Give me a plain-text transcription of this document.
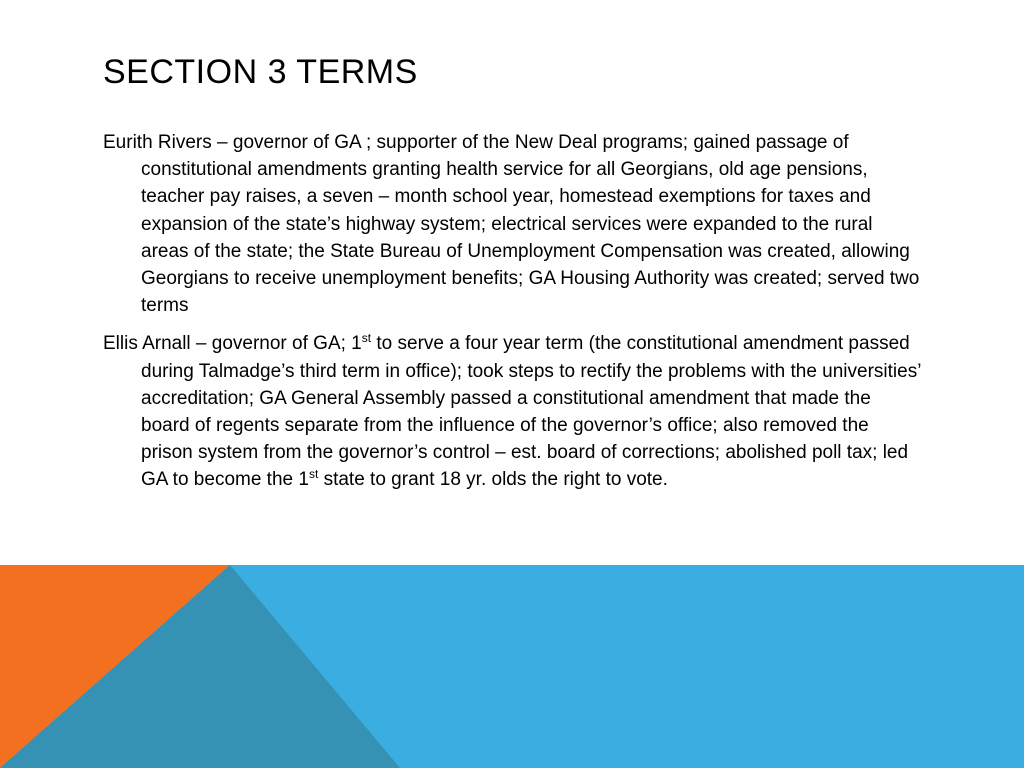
SECTION 3 TERMS

Eurith Rivers – governor of GA ; supporter of the New Deal programs; gained passage of constitutional amendments granting health service for all Georgians, old age pensions, teacher pay raises, a seven – month school year, homestead exemptions for taxes and expansion of the state’s highway system; electrical services were expanded to the rural areas of the state; the State Bureau of Unemployment Compensation was created, allowing Georgians to receive unemployment benefits; GA Housing Authority was created; served two terms

Ellis Arnall – governor of GA; 1st to serve a four year term (the constitutional amendment passed during Talmadge’s third term in office); took steps to rectify the problems with the universities’ accreditation; GA General Assembly passed a constitutional amendment that made the board of regents separate from the influence of the governor’s office; also removed the prison system from the governor’s control – est. board of corrections; abolished poll tax; led GA to become the 1st state to grant 18 yr. olds the right to vote.
